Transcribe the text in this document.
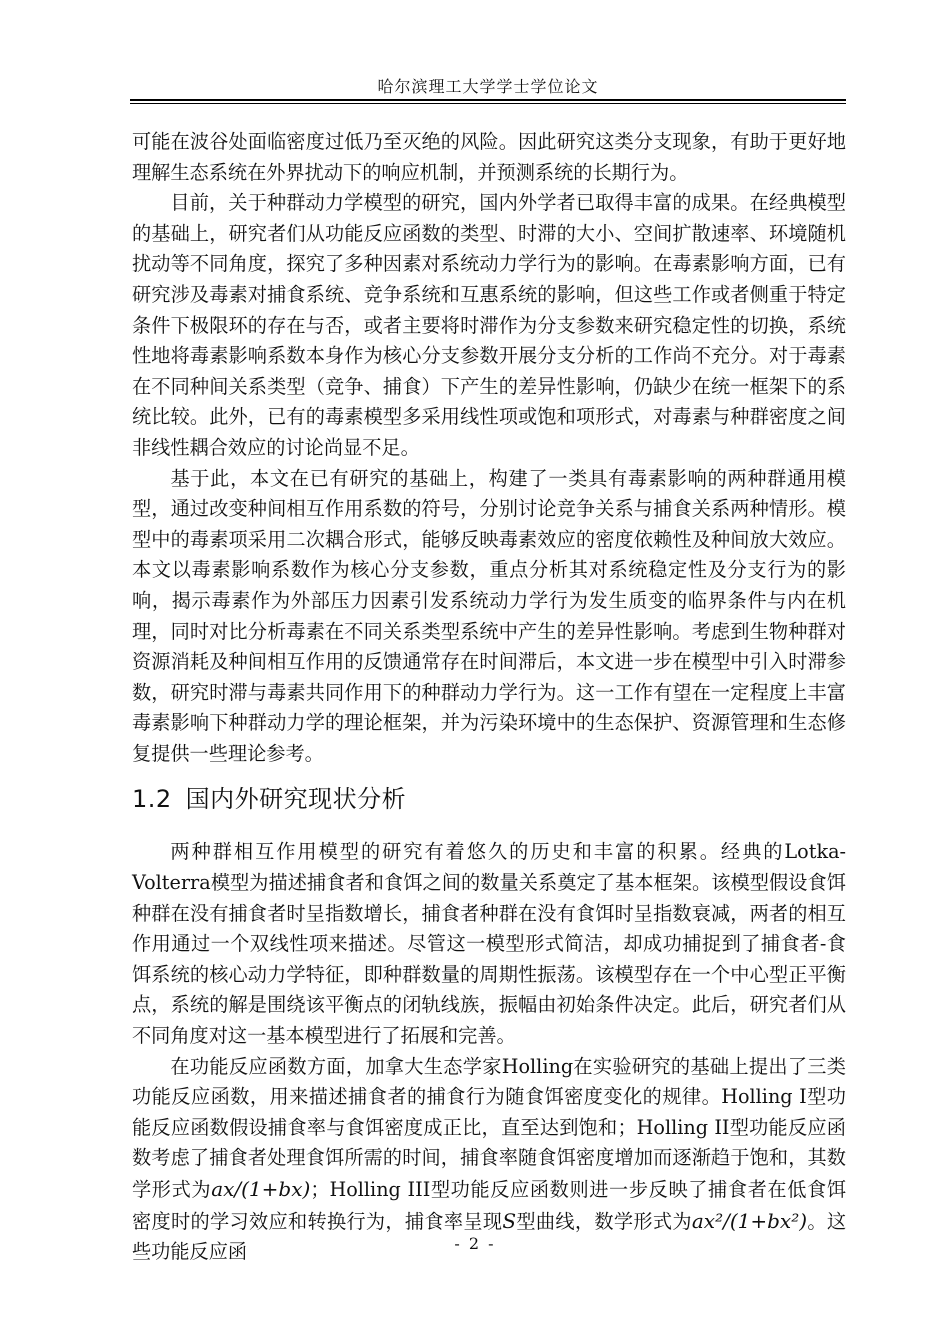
哈尔滨理工大学学士学位论文

可能在波谷处面临密度过低乃至灭绝的风险。因此研究这类分支现象，有助于更好地理解生态系统在外界扰动下的响应机制，并预测系统的长期行为。

目前，关于种群动力学模型的研究，国内外学者已取得丰富的成果。在经典模型的基础上，研究者们从功能反应函数的类型、时滞的大小、空间扩散速率、环境随机扰动等不同角度，探究了多种因素对系统动力学行为的影响。在毒素影响方面，已有研究涉及毒素对捕食系统、竞争系统和互惠系统的影响，但这些工作或者侧重于特定条件下极限环的存在与否，或者主要将时滞作为分支参数来研究稳定性的切换，系统性地将毒素影响系数本身作为核心分支参数开展分支分析的工作尚不充分。对于毒素在不同种间关系类型（竞争、捕食）下产生的差异性影响，仍缺少在统一框架下的系统比较。此外，已有的毒素模型多采用线性项或饱和项形式，对毒素与种群密度之间非线性耦合效应的讨论尚显不足。

基于此，本文在已有研究的基础上，构建了一类具有毒素影响的两种群通用模型，通过改变种间相互作用系数的符号，分别讨论竞争关系与捕食关系两种情形。模型中的毒素项采用二次耦合形式，能够反映毒素效应的密度依赖性及种间放大效应。本文以毒素影响系数作为核心分支参数，重点分析其对系统稳定性及分支行为的影响，揭示毒素作为外部压力因素引发系统动力学行为发生质变的临界条件与内在机理，同时对比分析毒素在不同关系类型系统中产生的差异性影响。考虑到生物种群对资源消耗及种间相互作用的反馈通常存在时间滞后，本文进一步在模型中引入时滞参数，研究时滞与毒素共同作用下的种群动力学行为。这一工作有望在一定程度上丰富毒素影响下种群动力学的理论框架，并为污染环境中的生态保护、资源管理和生态修复提供一些理论参考。

1.2 国内外研究现状分析

两种群相互作用模型的研究有着悠久的历史和丰富的积累。经典的Lotka-Volterra模型为描述捕食者和食饵之间的数量关系奠定了基本框架。该模型假设食饵种群在没有捕食者时呈指数增长，捕食者种群在没有食饵时呈指数衰减，两者的相互作用通过一个双线性项来描述。尽管这一模型形式简洁，却成功捕捉到了捕食者-食饵系统的核心动力学特征，即种群数量的周期性振荡。该模型存在一个中心型正平衡点，系统的解是围绕该平衡点的闭轨线族，振幅由初始条件决定。此后，研究者们从不同角度对这一基本模型进行了拓展和完善。

在功能反应函数方面，加拿大生态学家Holling在实验研究的基础上提出了三类功能反应函数，用来描述捕食者的捕食行为随食饵密度变化的规律。Holling I型功能反应函数假设捕食率与食饵密度成正比，直至达到饱和；Holling II型功能反应函数考虑了捕食者处理食饵所需的时间，捕食率随食饵密度增加而逐渐趋于饱和，其数学形式为ax/(1+bx)；Holling III型功能反应函数则进一步反映了捕食者在低食饵密度时的学习效应和转换行为，捕食率呈现S型曲线，数学形式为ax²/(1+bx²)。这些功能反应函	- 2 -
